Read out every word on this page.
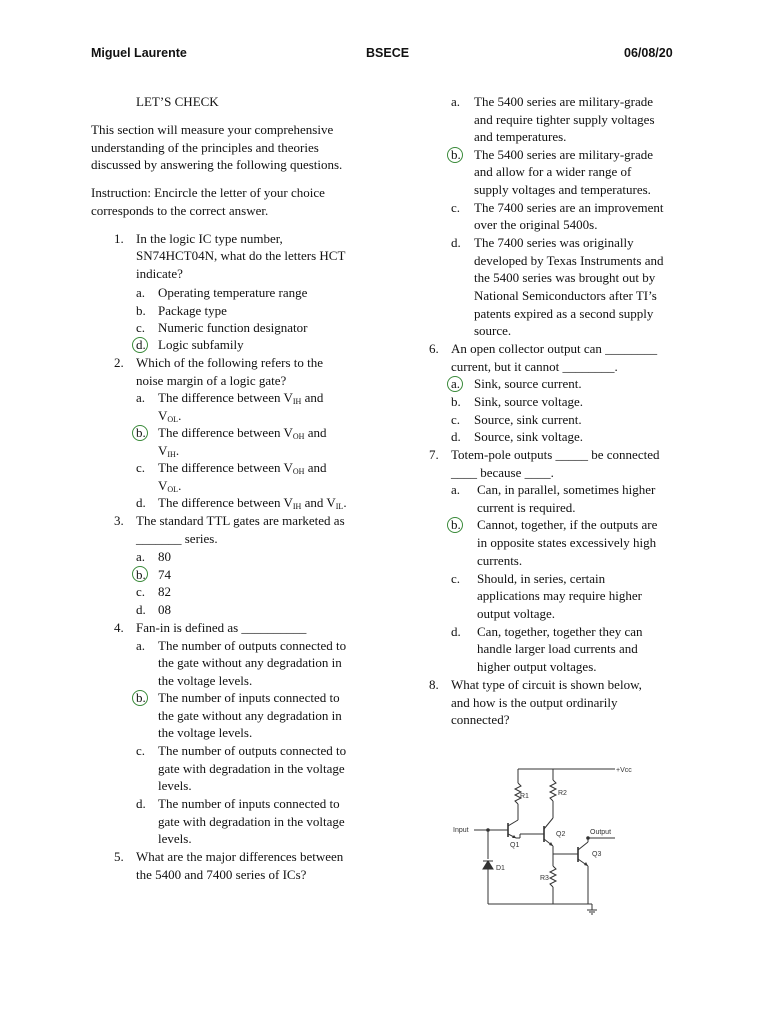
Miguel Laurente	BSECE	06/08/20
LET’S CHECK
This section will measure your comprehensive
understanding of the principles and theories
discussed by answering the following questions.
Instruction: Encircle the letter of your choice
corresponds to the correct answer.
1. In the logic IC type number,
SN74HCT04N, what do the letters HCT
indicate?
a. Operating temperature range
b. Package type
c. Numeric function designator
d. Logic subfamily
2. Which of the following refers to the
noise margin of a logic gate?
a. The difference between $V_{IH}$ and
$V_{OL}$.
b. The difference between $V_{OH}$ and
$V_{IH}$.
c. The difference between $V_{OH}$ and
$V_{OL}$.
d. The difference between $V_{IH}$ and $V_{IL}$.
3. The standard TTL gates are marketed as
_______ series.
a. 80
b. 74
c. 82
d. 08
4. Fan-in is defined as __________
a. The number of outputs connected to
the gate without any degradation in
the voltage levels.
b. The number of inputs connected to
the gate without any degradation in
the voltage levels.
c. The number of outputs connected to
gate with degradation in the voltage
levels.
d. The number of inputs connected to
gate with degradation in the voltage
levels.
5. What are the major differences between
the 5400 and 7400 series of ICs?
a. The 5400 series are military-grade
and require tighter supply voltages
and temperatures.
b. The 5400 series are military-grade
and allow for a wider range of
supply voltages and temperatures.
c. The 7400 series are an improvement
over the original 5400s.
d. The 7400 series was originally
developed by Texas Instruments and
the 5400 series was brought out by
National Semiconductors after TI’s
patents expired as a second supply
source.
6. An open collector output can ________
current, but it cannot ________.
a. Sink, source current.
b. Sink, source voltage.
c. Source, sink current.
d. Source, sink voltage.
7. Totem-pole outputs _____ be connected
____ because ____.
a. Can, in parallel, sometimes higher
current is required.
b. Cannot, together, if the outputs are
in opposite states excessively high
currents.
c. Should, in series, certain
applications may require higher
output voltage.
d. Can, together, together they can
handle larger load currents and
higher output voltages.
8. What type of circuit is shown below,
and how is the output ordinarily
connected?
+Vcc
R1	R2
Input
Q1
Q2
R3
Q3
Output
D1
